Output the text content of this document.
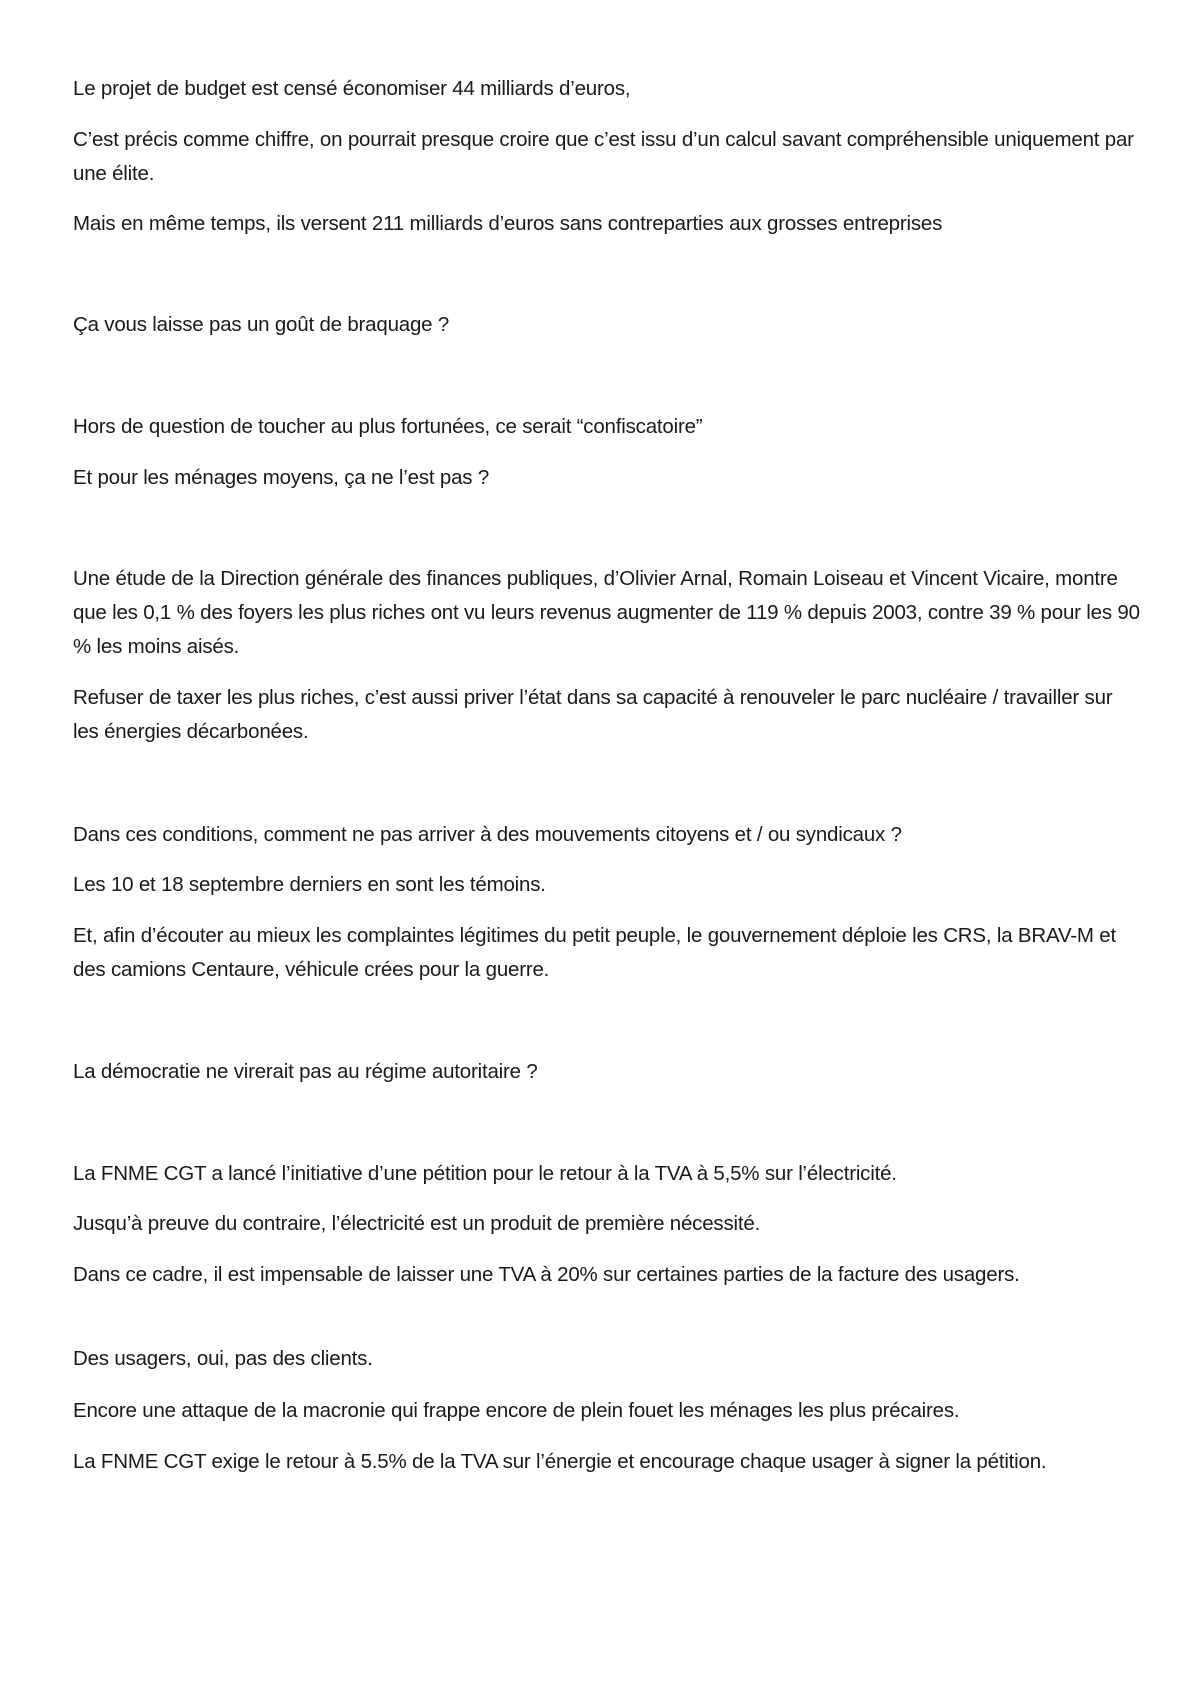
Le projet de budget est censé économiser 44 milliards d’euros,

C’est précis comme chiffre, on pourrait presque croire que c’est issu d’un calcul savant compréhensible uniquement par une élite.

Mais en même temps, ils versent 211 milliards d’euros sans contreparties aux grosses entreprises

Ça vous laisse pas un goût de braquage ?

Hors de question de toucher au plus fortunées, ce serait “confiscatoire”

Et pour les ménages moyens, ça ne l’est pas ?

Une étude de la Direction générale des finances publiques, d’Olivier Arnal, Romain Loiseau et Vincent Vicaire, montre que les 0,1 % des foyers les plus riches ont vu leurs revenus augmenter de 119 % depuis 2003, contre 39 % pour les 90 % les moins aisés.

Refuser de taxer les plus riches, c’est aussi priver l’état dans sa capacité à renouveler le parc nucléaire / travailler sur les énergies décarbonées.

Dans ces conditions, comment ne pas arriver à des mouvements citoyens et / ou syndicaux ?

Les 10 et 18 septembre derniers en sont les témoins.

Et, afin d’écouter au mieux les complaintes légitimes du petit peuple, le gouvernement déploie les CRS, la BRAV-M et des camions Centaure, véhicule crées pour la guerre.

La démocratie ne virerait pas au régime autoritaire ?

La FNME CGT a lancé l’initiative d’une pétition pour le retour à la TVA à 5,5% sur l’électricité.

Jusqu’à preuve du contraire, l’électricité est un produit de première nécessité.

Dans ce cadre, il est impensable de laisser une TVA à 20% sur certaines parties de la facture des usagers.

Des usagers, oui, pas des clients.

Encore une attaque de la macronie qui frappe encore de plein fouet les ménages les plus précaires.

La FNME CGT exige le retour à 5.5% de la TVA sur l’énergie et encourage chaque usager à signer la pétition.
